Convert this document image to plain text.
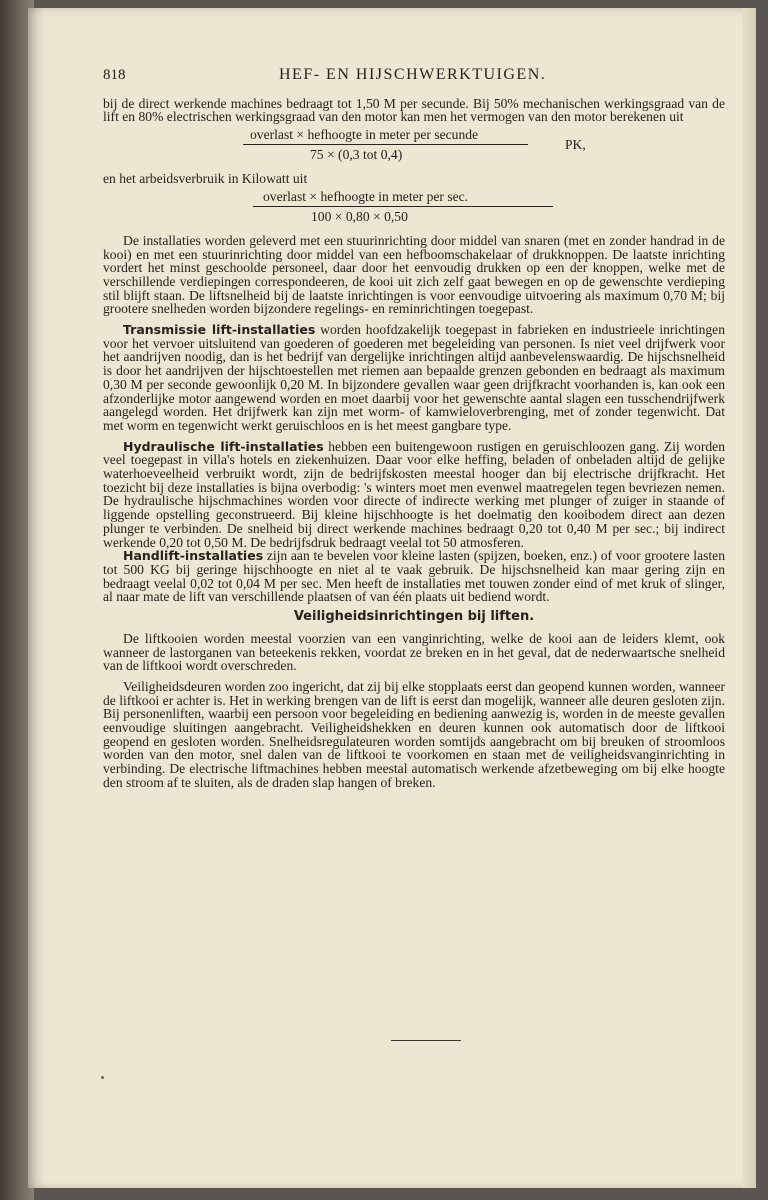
818	HEF- EN HIJSCHWERKTUIGEN.

bij de direct werkende machines bedraagt tot 1,50 M per secunde. Bij 50% mechanischen werkingsgraad van de lift en 80% electrischen werkingsgraad van den motor kan men het vermogen van den motor berekenen uit

overlast × hefhoogte in meter per secunde
75 × (0,3 tot 0,4)
PK,

en het arbeidsverbruik in Kilowatt uit

overlast × hefhoogte in meter per sec.
100 × 0,80 × 0,50

De installaties worden geleverd met een stuurinrichting door middel van snaren (met en zonder handrad in de kooi) en met een stuurinrichting door middel van een hefboomschakelaar of drukknoppen. De laatste inrichting vordert het minst geschoolde personeel, daar door het eenvoudig drukken op een der knoppen, welke met de verschillende verdiepingen correspondeeren, de kooi uit zich zelf gaat bewegen en op de gewenschte verdieping stil blijft staan. De liftsnelheid bij de laatste inrichtingen is voor eenvoudige uitvoering als maximum 0,70 M; bij grootere snelheden worden bijzondere regelings- en reminrichtingen toegepast.

Transmissie lift-installaties worden hoofdzakelijk toegepast in fabrieken en industrieele inrichtingen voor het vervoer uitsluitend van goederen of goederen met begeleiding van personen. Is niet veel drijfwerk voor het aandrijven noodig, dan is het bedrijf van dergelijke inrichtingen altijd aanbevelenswaardig. De hijschsnelheid is door het aandrijven der hijschtoestellen met riemen aan bepaalde grenzen gebonden en bedraagt als maximum 0,30 M per seconde gewoonlijk 0,20 M. In bijzondere gevallen waar geen drijfkracht voorhanden is, kan ook een afzonderlijke motor aangewend worden en moet daarbij voor het gewenschte aantal slagen een tusschendrijfwerk aangelegd worden. Het drijfwerk kan zijn met worm- of kamwieloverbrenging, met of zonder tegenwicht. Dat met worm en tegenwicht werkt geruischloos en is het meest gangbare type.

Hydraulische lift-installaties hebben een buitengewoon rustigen en geruischloozen gang. Zij worden veel toegepast in villa's hotels en ziekenhuizen. Daar voor elke heffing, beladen of onbeladen altijd de gelijke waterhoeveelheid verbruikt wordt, zijn de bedrijfskosten meestal hooger dan bij electrische drijfkracht. Het toezicht bij deze installaties is bijna overbodig: 's winters moet men evenwel maatregelen tegen bevriezen nemen. De hydraulische hijschmachines worden voor directe of indirecte werking met plunger of zuiger in staande of liggende opstelling geconstrueerd. Bij kleine hijschhoogte is het doelmatig den kooibodem direct aan dezen plunger te verbinden. De snelheid bij direct werkende machines bedraagt 0,20 tot 0,40 M per sec.; bij indirect werkende 0,20 tot 0,50 M. De bedrijfsdruk bedraagt veelal tot 50 atmosferen.

Handlift-installaties zijn aan te bevelen voor kleine lasten (spijzen, boeken, enz.) of voor grootere lasten tot 500 KG bij geringe hijschhoogte en niet al te vaak gebruik. De hijschsnelheid kan maar gering zijn en bedraagt veelal 0,02 tot 0,04 M per sec. Men heeft de installaties met touwen zonder eind of met kruk of slinger, al naar mate de lift van verschillende plaatsen of van één plaats uit bediend wordt.

Veiligheidsinrichtingen bij liften.

De liftkooien worden meestal voorzien van een vanginrichting, welke de kooi aan de leiders klemt, ook wanneer de lastorganen van beteekenis rekken, voordat ze breken en in het geval, dat de nederwaartsche snelheid van de liftkooi wordt overschreden.

Veiligheidsdeuren worden zoo ingericht, dat zij bij elke stopplaats eerst dan geopend kunnen worden, wanneer de liftkooi er achter is. Het in werking brengen van de lift is eerst dan mogelijk, wanneer alle deuren gesloten zijn. Bij personenliften, waarbij een persoon voor begeleiding en bediening aanwezig is, worden in de meeste gevallen eenvoudige sluitingen aangebracht. Veiligheidshekken en deuren kunnen ook automatisch door de liftkooi geopend en gesloten worden. Snelheidsregulateuren worden somtijds aangebracht om bij breuken of stroomloos worden van den motor, snel dalen van de liftkooi te voorkomen en staan met de veiligheidsvanginrichting in verbinding. De electrische liftmachines hebben meestal automatisch werkende afzetbeweging om bij elke hoogte den stroom af te sluiten, als de draden slap hangen of breken.
